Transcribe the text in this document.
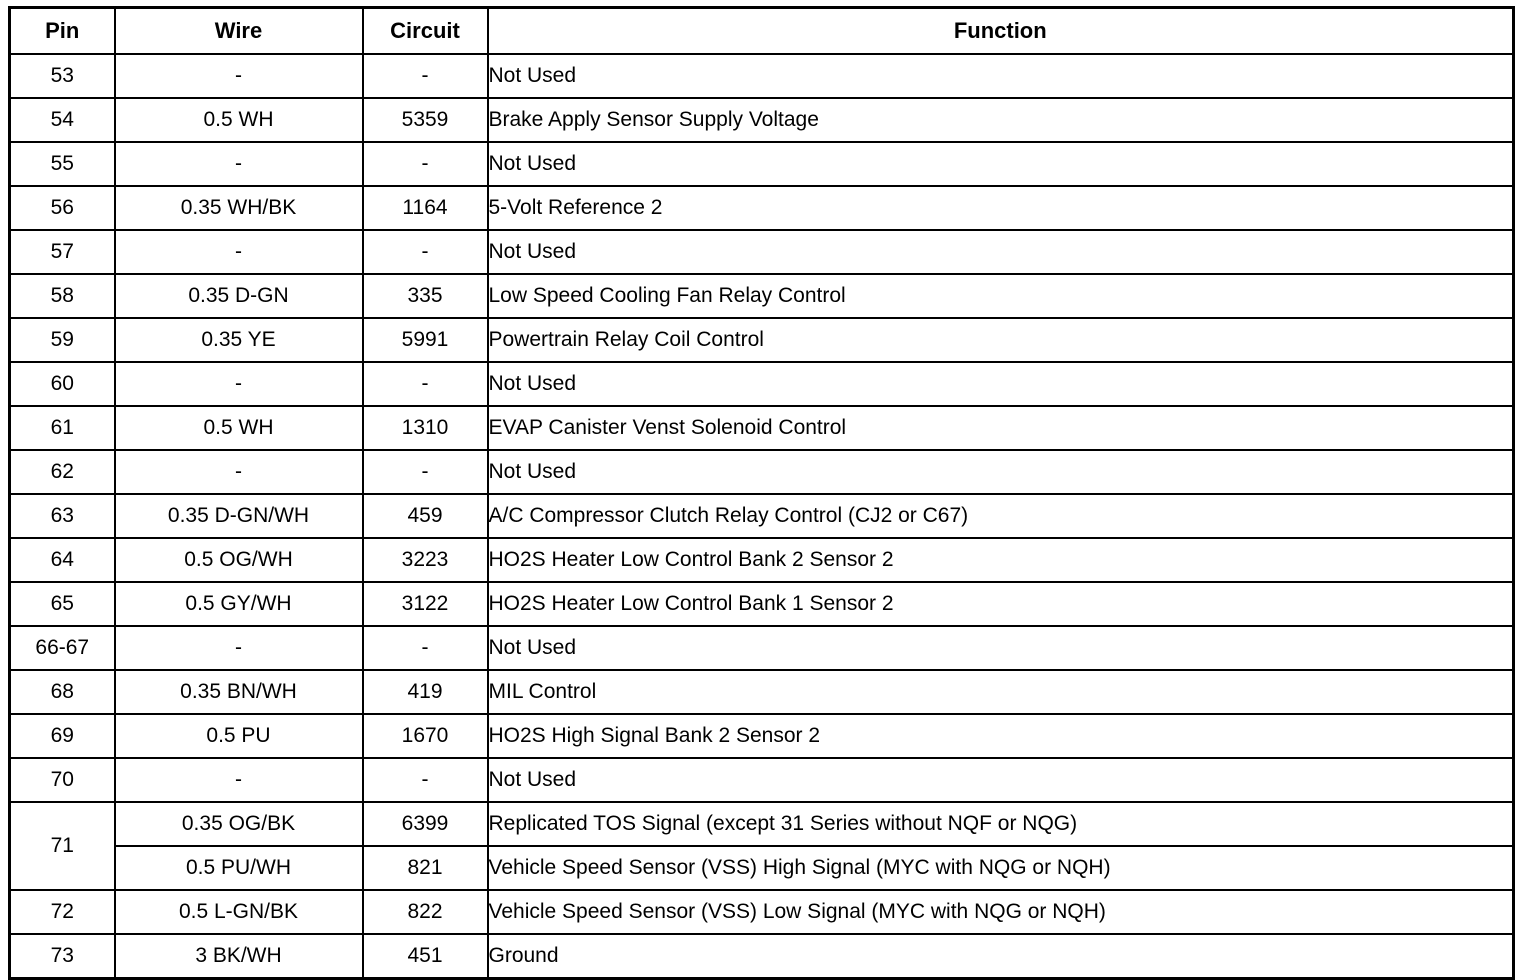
Pin	Wire	Circuit	Function
53	-	-	Not Used
54	0.5 WH	5359	Brake Apply Sensor Supply Voltage
55	-	-	Not Used
56	0.35 WH/BK	1164	5-Volt Reference 2
57	-	-	Not Used
58	0.35 D-GN	335	Low Speed Cooling Fan Relay Control
59	0.35 YE	5991	Powertrain Relay Coil Control
60	-	-	Not Used
61	0.5 WH	1310	EVAP Canister Venst Solenoid Control
62	-	-	Not Used
63	0.35 D-GN/WH	459	A/C Compressor Clutch Relay Control (CJ2 or C67)
64	0.5 OG/WH	3223	HO2S Heater Low Control Bank 2 Sensor 2
65	0.5 GY/WH	3122	HO2S Heater Low Control Bank 1 Sensor 2
66-67	-	-	Not Used
68	0.35 BN/WH	419	MIL Control
69	0.5 PU	1670	HO2S High Signal Bank 2 Sensor 2
70	-	-	Not Used
71	0.35 OG/BK	6399	Replicated TOS Signal (except 31 Series without NQF or NQG)
	0.5 PU/WH	821	Vehicle Speed Sensor (VSS) High Signal (MYC with NQG or NQH)
72	0.5 L-GN/BK	822	Vehicle Speed Sensor (VSS) Low Signal (MYC with NQG or NQH)
73	3 BK/WH	451	Ground
